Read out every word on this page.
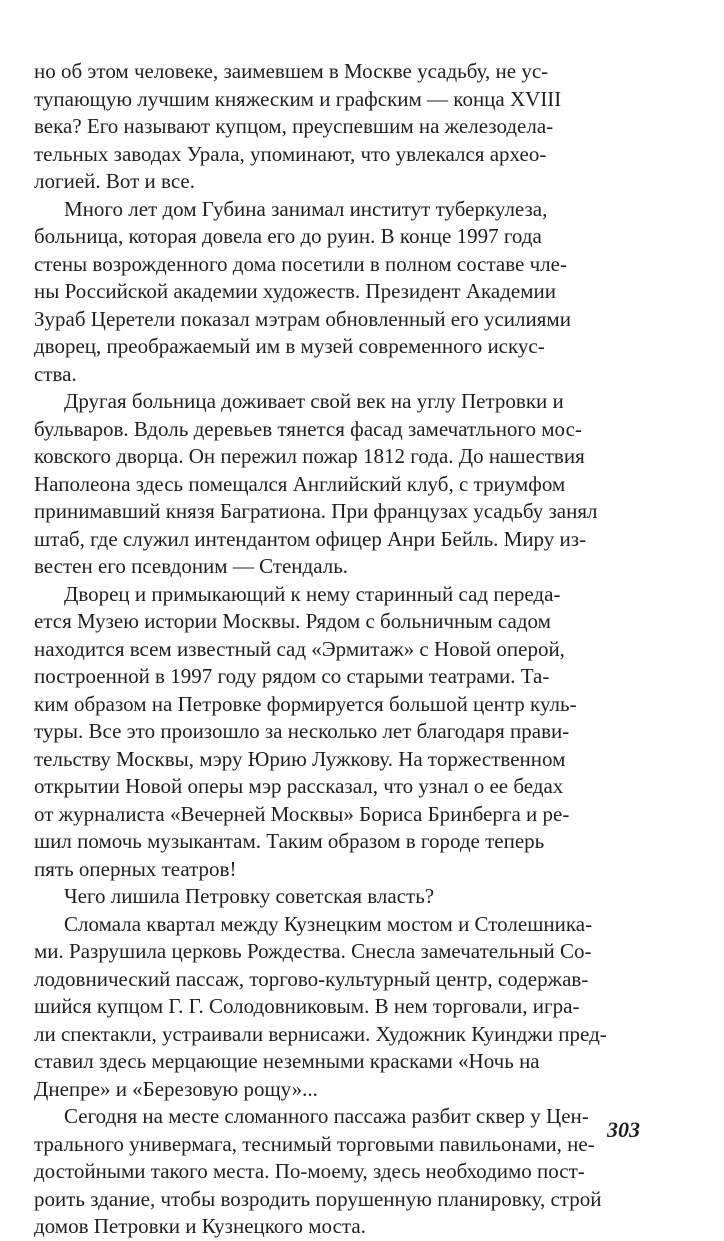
но об этом человеке, заимевшем в Москве усадьбу, не ус-
тупающую лучшим княжеским и графским — конца XVIII
века? Его называют купцом, преуспевшим на железодела-
тельных заводах Урала, упоминают, что увлекался архео-
логией. Вот и все.
Много лет дом Губина занимал институт туберкулеза,
больница, которая довела его до руин. В конце 1997 года
стены возрожденного дома посетили в полном составе чле-
ны Российской академии художеств. Президент Академии
Зураб Церетели показал мэтрам обновленный его усилиями
дворец, преображаемый им в музей современного искус-
ства.
Другая больница доживает свой век на углу Петровки и
бульваров. Вдоль деревьев тянется фасад замечатльного мос-
ковского дворца. Он пережил пожар 1812 года. До нашествия
Наполеона здесь помещался Английский клуб, с триумфом
принимавший князя Багратиона. При французах усадьбу занял
штаб, где служил интендантом офицер Анри Бейль. Миру из-
вестен его псевдоним — Стендаль.
Дворец и примыкающий к нему старинный сад переда-
ется Музею истории Москвы. Рядом с больничным садом
находится всем известный сад «Эрмитаж» с Новой оперой,
построенной в 1997 году рядом со старыми театрами. Та-
ким образом на Петровке формируется большой центр куль-
туры. Все это произошло за несколько лет благодаря прави-
тельству Москвы, мэру Юрию Лужкову. На торжественном
открытии Новой оперы мэр рассказал, что узнал о ее бедах
от журналиста «Вечерней Москвы» Бориса Бринберга и ре-
шил помочь музыкантам. Таким образом в городе теперь
пять оперных театров!
Чего лишила Петровку советская власть?
Сломала квартал между Кузнецким мостом и Столешника-
ми. Разрушила церковь Рождества. Снесла замечательный Со-
лодовнический пассаж, торгово-культурный центр, содержав-
шийся купцом Г. Г. Солодовниковым. В нем торговали, игра-
ли спектакли, устраивали вернисажи. Художник Куинджи пред-
ставил здесь мерцающие неземными красками «Ночь на
Днепре» и «Березовую рощу»...
Сегодня на месте сломанного пассажа разбит сквер у Цен-
трального универмага, теснимый торговыми павильонами, не-
достойными такого места. По-моему, здесь необходимо пост-
роить здание, чтобы возродить порушенную планировку, строй
домов Петровки и Кузнецкого моста.
303
